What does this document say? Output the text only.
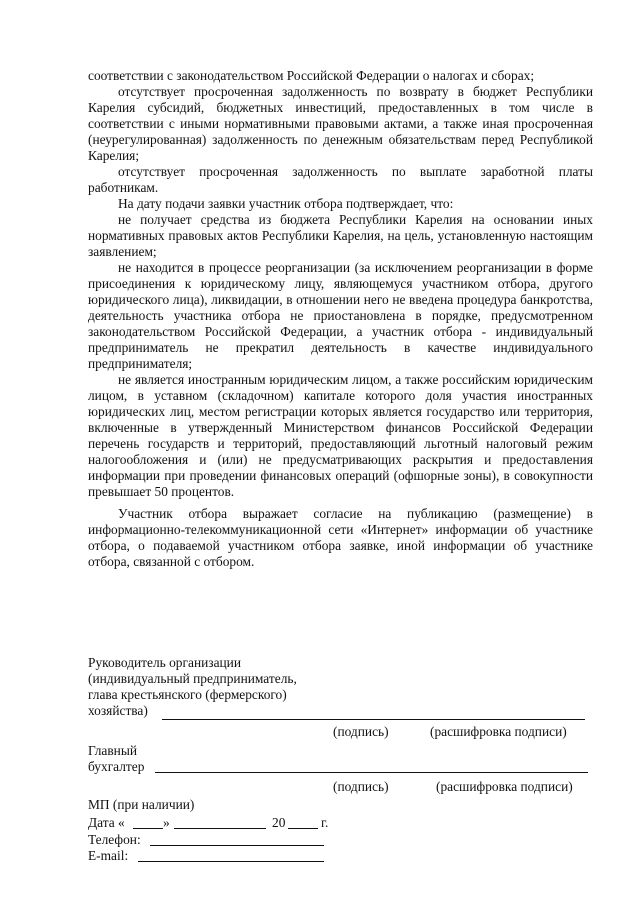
соответствии с законодательством Российской Федерации о налогах и сборах;

отсутствует просроченная задолженность по возврату в бюджет Республики Карелия субсидий, бюджетных инвестиций, предоставленных в том числе в соответствии с иными нормативными правовыми актами, а также иная просроченная (неурегулированная) задолженность по денежным обязательствам перед Республикой Карелия;

отсутствует просроченная задолженность по выплате заработной платы работникам.

На дату подачи заявки участник отбора подтверждает, что:

не получает средства из бюджета Республики Карелия на основании иных нормативных правовых актов Республики Карелия, на цель, установленную настоящим заявлением;

не находится в процессе реорганизации (за исключением реорганизации в форме присоединения к юридическому лицу, являющемуся участником отбора, другого юридического лица), ликвидации, в отношении него не введена процедура банкротства, деятельность участника отбора не приостановлена в порядке, предусмотренном законодательством Российской Федерации, а участник отбора - индивидуальный предприниматель не прекратил деятельность в качестве индивидуального предпринимателя;

не является иностранным юридическим лицом, а также российским юридическим лицом, в уставном (складочном) капитале которого доля участия иностранных юридических лиц, местом регистрации которых является государство или территория, включенные в утвержденный Министерством финансов Российской Федерации перечень государств и территорий, предоставляющий льготный налоговый режим налогообложения и (или) не предусматривающих раскрытия и предоставления информации при проведении финансовых операций (офшорные зоны), в совокупности превышает 50 процентов.

Участник отбора выражает согласие на публикацию (размещение) в информационно-телекоммуникационной сети «Интернет» информации об участнике отбора, о подаваемой участником отбора заявке, иной информации об участнике отбора, связанной с отбором.

Руководитель организации
(индивидуальный предприниматель,
глава крестьянского (фермерского)
хозяйства)
(подпись)	(расшифровка подписи)
Главный
бухгалтер
(подпись)	(расшифровка подписи)
МП (при наличии)
Дата «	»	20	г.
Телефон:
E-mail:
